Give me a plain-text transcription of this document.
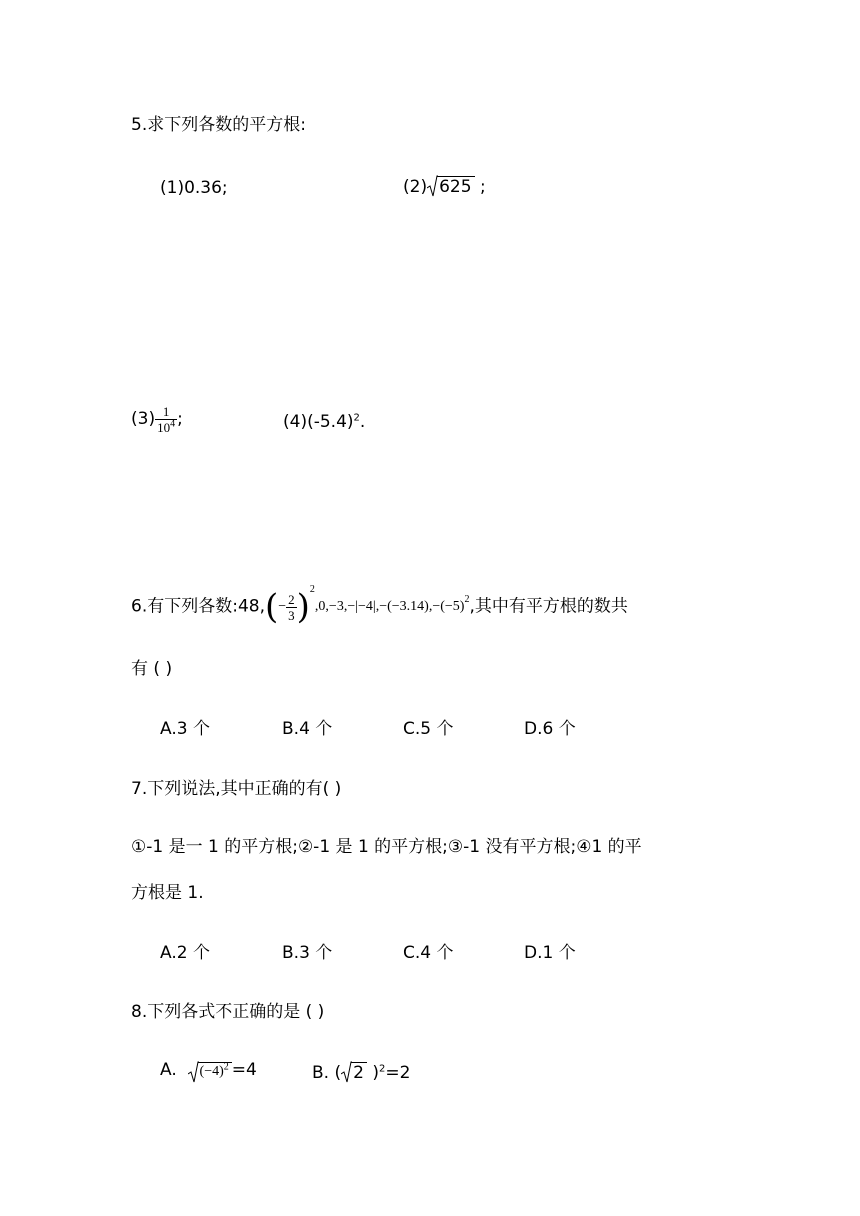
5.求下列各数的平方根:
(1)0.36;	(2) 625 ;
$(3) \frac{1}{10^4}$ ;	$(4)(-5.4)^2$.
6.有下列各数:48,(− $\frac{2}{3} )^2,0,-3,-|-4|,-(-3.14),-(-5)^2$,其中有平方根的数共
有 ( )
A.3 个	B.4 个	C.5 个	D.6 个
7.下列说法,其中正确的有( )
①-1 是一 1 的平方根;②-1 是 1 的平方根;③-1 没有平方根;④1 的平
方根是 1.
A.2 个	B.3 个	C.4 个	D.1 个
8.下列各式不正确的是 ( )
A. $(-4)^2 =4$	B. ( 2 )$^2$=2
